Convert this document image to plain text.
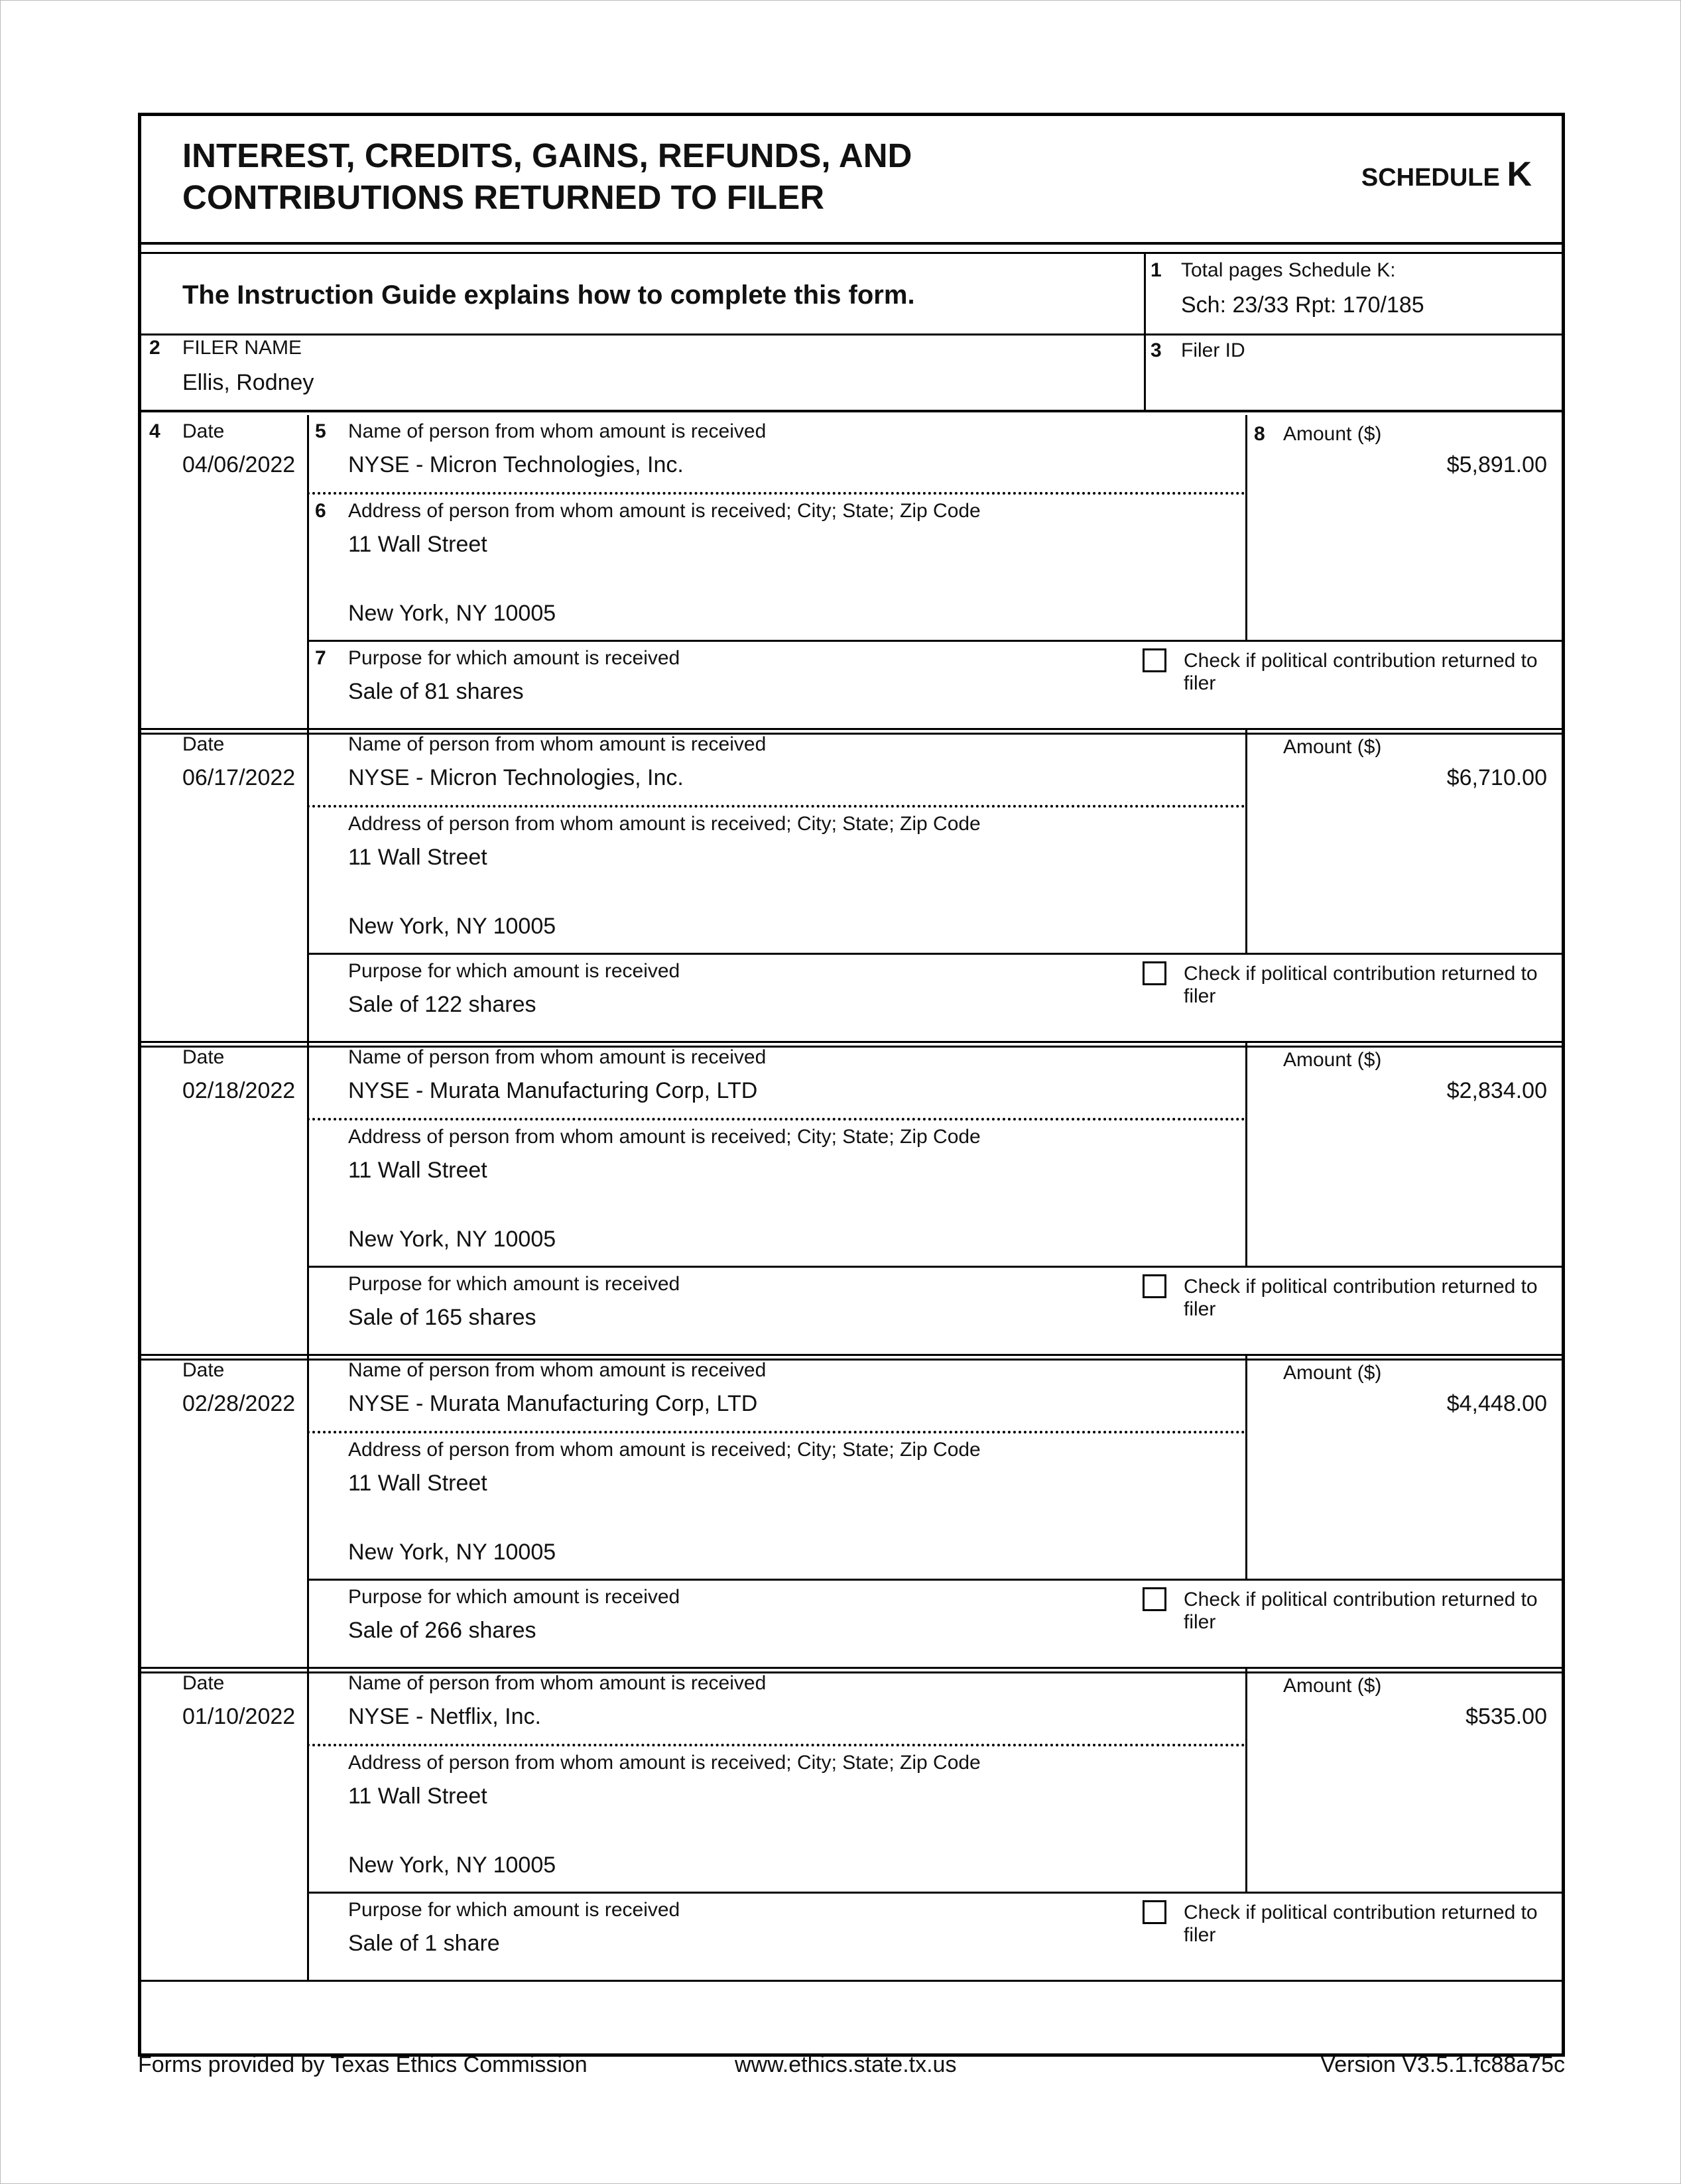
INTEREST, CREDITS, GAINS, REFUNDS, AND
CONTRIBUTIONS RETURNED TO FILER
SCHEDULE K
The Instruction Guide explains how to complete this form.
1 Total pages Schedule K:
Sch: 23/33 Rpt: 170/185
2 FILER NAME
Ellis, Rodney
3 Filer ID
4 Date
04/06/2022
5 Name of person from whom amount is received
NYSE - Micron Technologies, Inc.
6 Address of person from whom amount is received; City; State; Zip Code
11 Wall Street
New York, NY 10005
8 Amount ($)
$5,891.00
7 Purpose for which amount is received
Sale of 81 shares
Check if political contribution returned to filer
Date
06/17/2022
Name of person from whom amount is received
NYSE - Micron Technologies, Inc.
Address of person from whom amount is received; City; State; Zip Code
11 Wall Street
New York, NY 10005
Amount ($)
$6,710.00
Purpose for which amount is received
Sale of 122 shares
Check if political contribution returned to filer
Date
02/18/2022
Name of person from whom amount is received
NYSE - Murata Manufacturing Corp, LTD
Address of person from whom amount is received; City; State; Zip Code
11 Wall Street
New York, NY 10005
Amount ($)
$2,834.00
Purpose for which amount is received
Sale of 165 shares
Check if political contribution returned to filer
Date
02/28/2022
Name of person from whom amount is received
NYSE - Murata Manufacturing Corp, LTD
Address of person from whom amount is received; City; State; Zip Code
11 Wall Street
New York, NY 10005
Amount ($)
$4,448.00
Purpose for which amount is received
Sale of 266 shares
Check if political contribution returned to filer
Date
01/10/2022
Name of person from whom amount is received
NYSE - Netflix, Inc.
Address of person from whom amount is received; City; State; Zip Code
11 Wall Street
New York, NY 10005
Amount ($)
$535.00
Purpose for which amount is received
Sale of 1 share
Check if political contribution returned to filer
Forms provided by Texas Ethics Commission	www.ethics.state.tx.us	Version V3.5.1.fc88a75c
